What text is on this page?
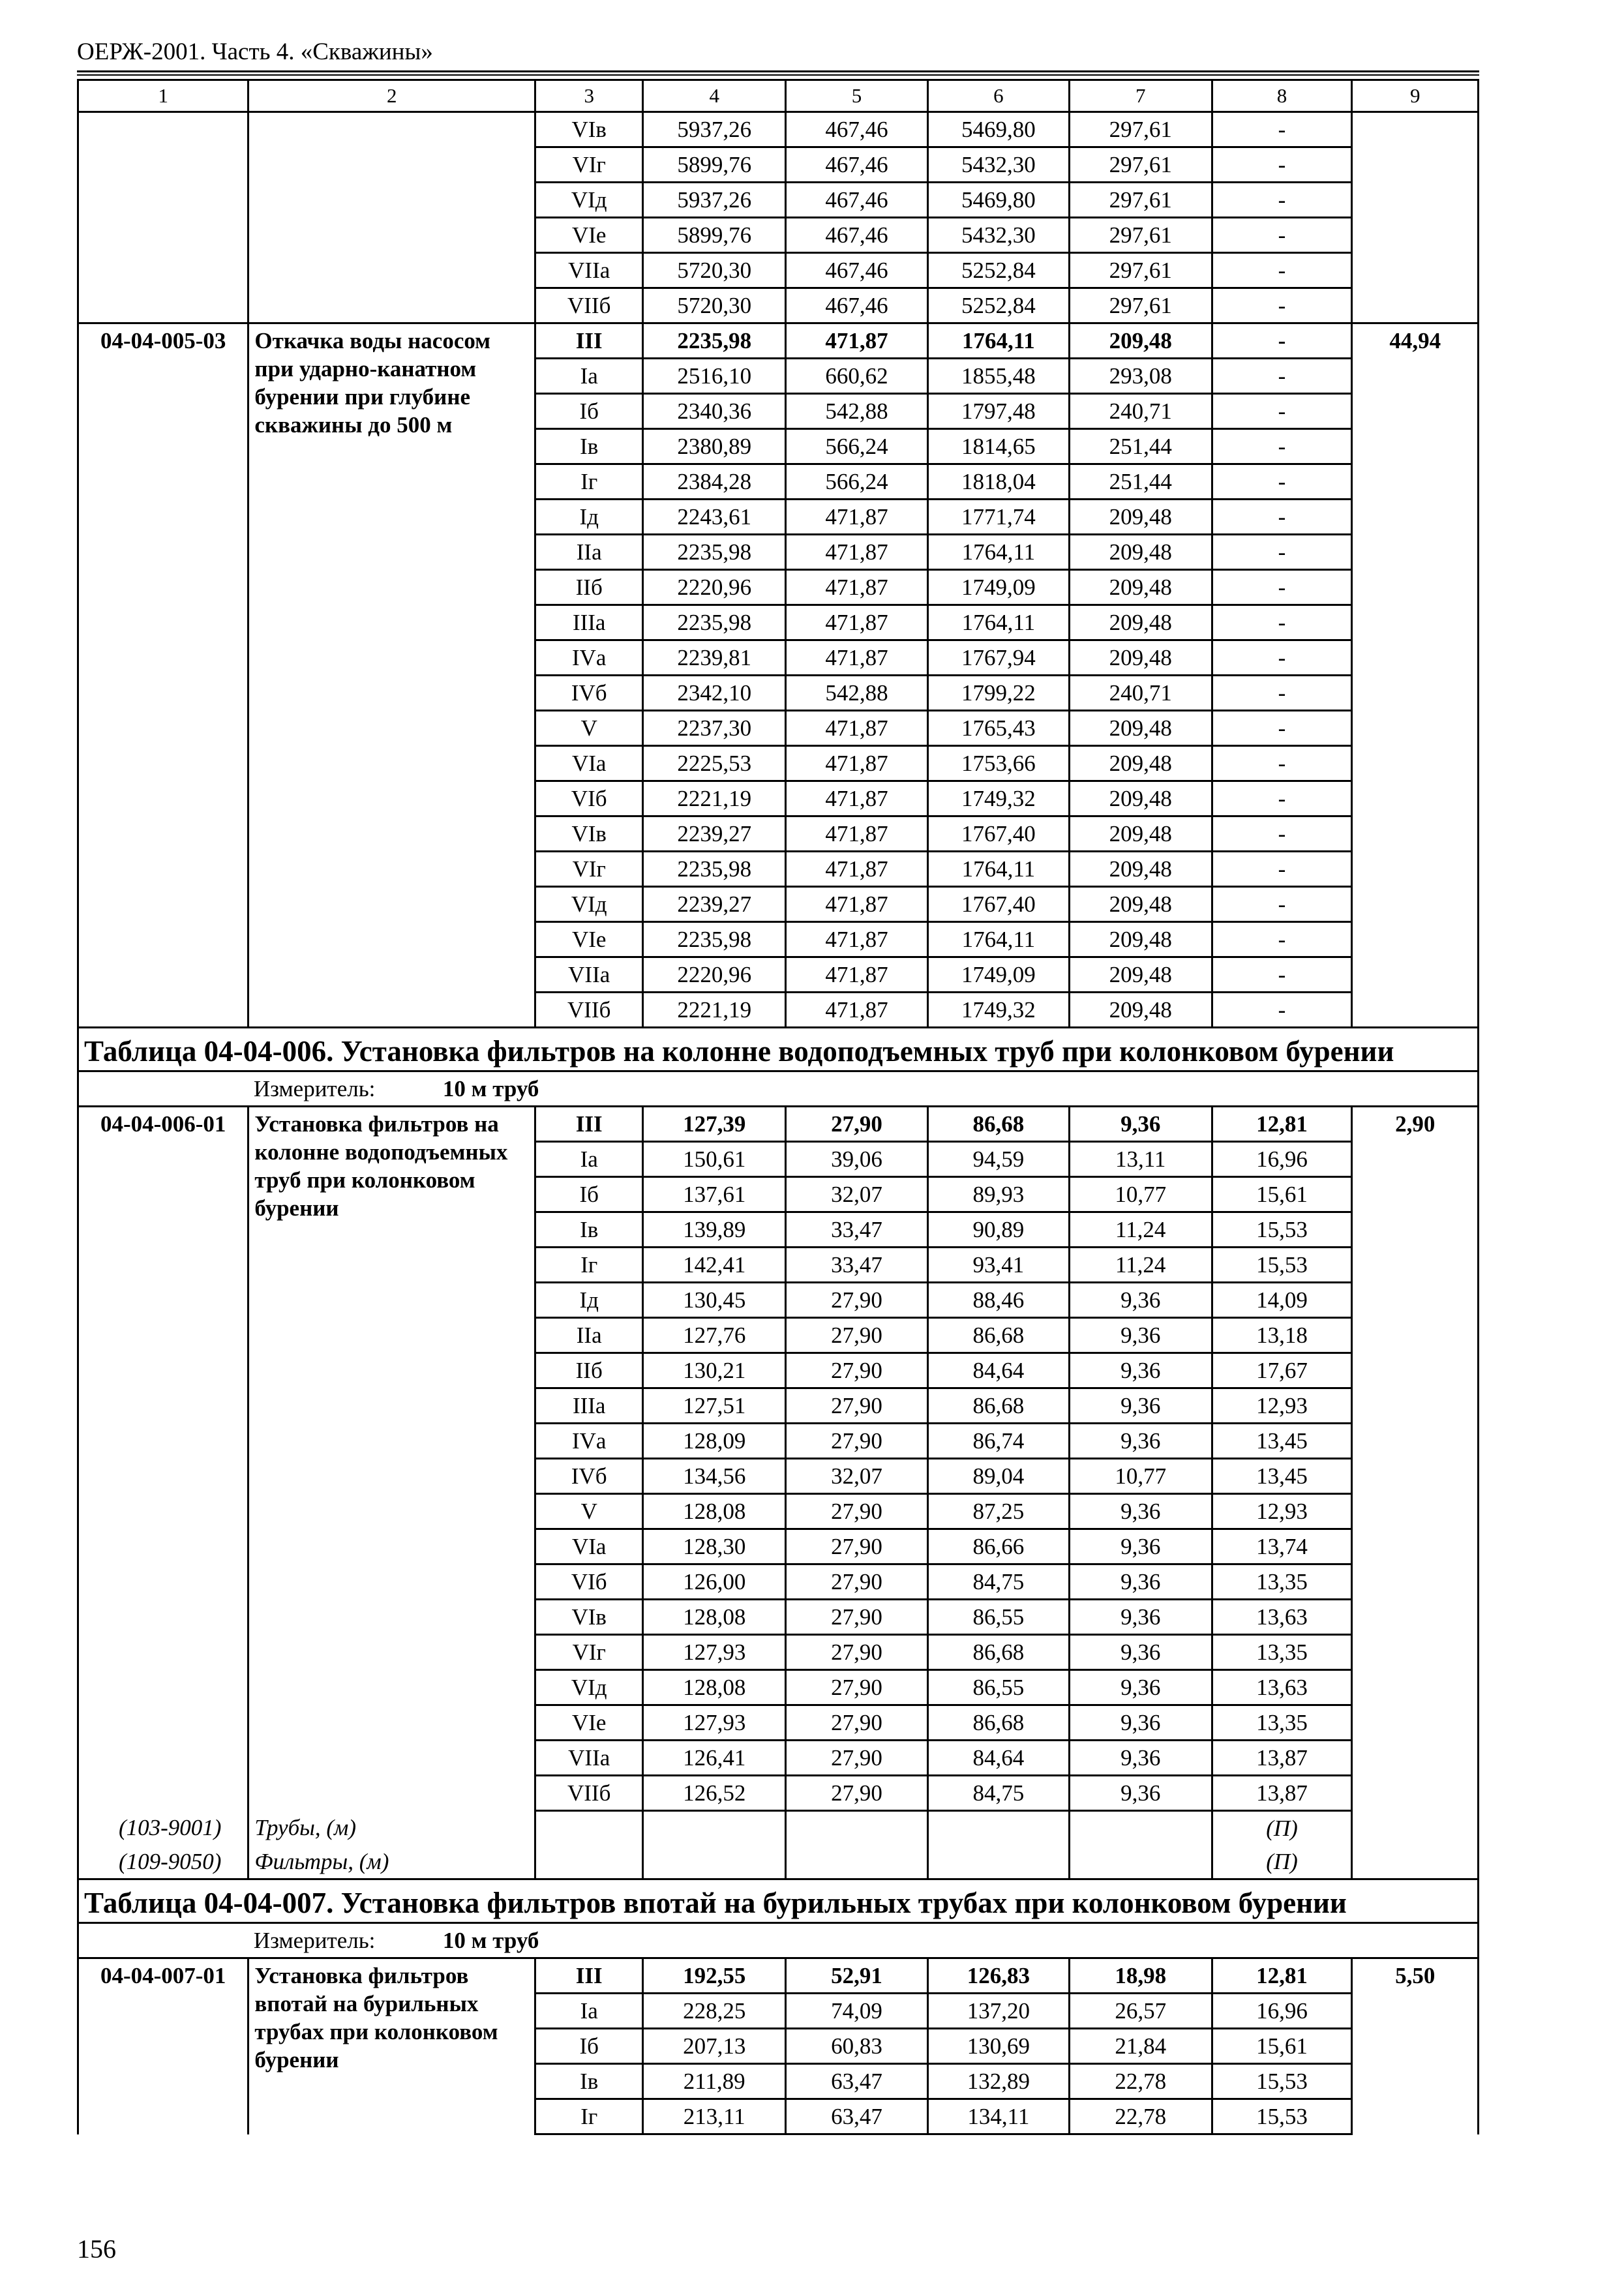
ОЕРЖ-2001. Часть 4. «Скважины»
1	2	3	4	5	6	7	8	9
		VIв	5937,26	467,46	5469,80	297,61	-	
		VIг	5899,76	467,46	5432,30	297,61	-	
		VIд	5937,26	467,46	5469,80	297,61	-	
		VIе	5899,76	467,46	5432,30	297,61	-	
		VIIа	5720,30	467,46	5252,84	297,61	-	
		VIIб	5720,30	467,46	5252,84	297,61	-	
04-04-005-03	Откачка воды насосом при ударно-канатном бурении при глубине скважины до 500 м	III	2235,98	471,87	1764,11	209,48	-	44,94
		Iа	2516,10	660,62	1855,48	293,08	-	
		Iб	2340,36	542,88	1797,48	240,71	-	
		Iв	2380,89	566,24	1814,65	251,44	-	
		Iг	2384,28	566,24	1818,04	251,44	-	
		Iд	2243,61	471,87	1771,74	209,48	-	
		IIа	2235,98	471,87	1764,11	209,48	-	
		IIб	2220,96	471,87	1749,09	209,48	-	
		IIIа	2235,98	471,87	1764,11	209,48	-	
		IVа	2239,81	471,87	1767,94	209,48	-	
		IVб	2342,10	542,88	1799,22	240,71	-	
		V	2237,30	471,87	1765,43	209,48	-	
		VIа	2225,53	471,87	1753,66	209,48	-	
		VIб	2221,19	471,87	1749,32	209,48	-	
		VIв	2239,27	471,87	1767,40	209,48	-	
		VIг	2235,98	471,87	1764,11	209,48	-	
		VIд	2239,27	471,87	1767,40	209,48	-	
		VIе	2235,98	471,87	1764,11	209,48	-	
		VIIа	2220,96	471,87	1749,09	209,48	-	
		VIIб	2221,19	471,87	1749,32	209,48	-	
Таблица 04-04-006. Установка фильтров на колонне водоподъемных труб при колонковом бурении								
	Измеритель: 10 м труб							
04-04-006-01	Установка фильтров на колонне водоподъемных труб при колонковом бурении	III	127,39	27,90	86,68	9,36	12,81	2,90
		Iа	150,61	39,06	94,59	13,11	16,96	
		Iб	137,61	32,07	89,93	10,77	15,61	
		Iв	139,89	33,47	90,89	11,24	15,53	
		Iг	142,41	33,47	93,41	11,24	15,53	
		Iд	130,45	27,90	88,46	9,36	14,09	
		IIа	127,76	27,90	86,68	9,36	13,18	
		IIб	130,21	27,90	84,64	9,36	17,67	
		IIIа	127,51	27,90	86,68	9,36	12,93	
		IVа	128,09	27,90	86,74	9,36	13,45	
		IVб	134,56	32,07	89,04	10,77	13,45	
		V	128,08	27,90	87,25	9,36	12,93	
		VIа	128,30	27,90	86,66	9,36	13,74	
		VIб	126,00	27,90	84,75	9,36	13,35	
		VIв	128,08	27,90	86,55	9,36	13,63	
		VIг	127,93	27,90	86,68	9,36	13,35	
		VIд	128,08	27,90	86,55	9,36	13,63	
		VIе	127,93	27,90	86,68	9,36	13,35	
		VIIа	126,41	27,90	84,64	9,36	13,87	
		VIIб	126,52	27,90	84,75	9,36	13,87	
(103-9001)	Трубы, (м)						(П)	
(109-9050)	Фильтры, (м)						(П)	
Таблица 04-04-007. Установка фильтров впотай на бурильных трубах при колонковом бурении								
	Измеритель: 10 м труб							
04-04-007-01	Установка фильтров впотай на бурильных трубах при колонковом бурении	III	192,55	52,91	126,83	18,98	12,81	5,50
		Iа	228,25	74,09	137,20	26,57	16,96	
		Iб	207,13	60,83	130,69	21,84	15,61	
		Iв	211,89	63,47	132,89	22,78	15,53	
		Iг	213,11	63,47	134,11	22,78	15,53	
156
